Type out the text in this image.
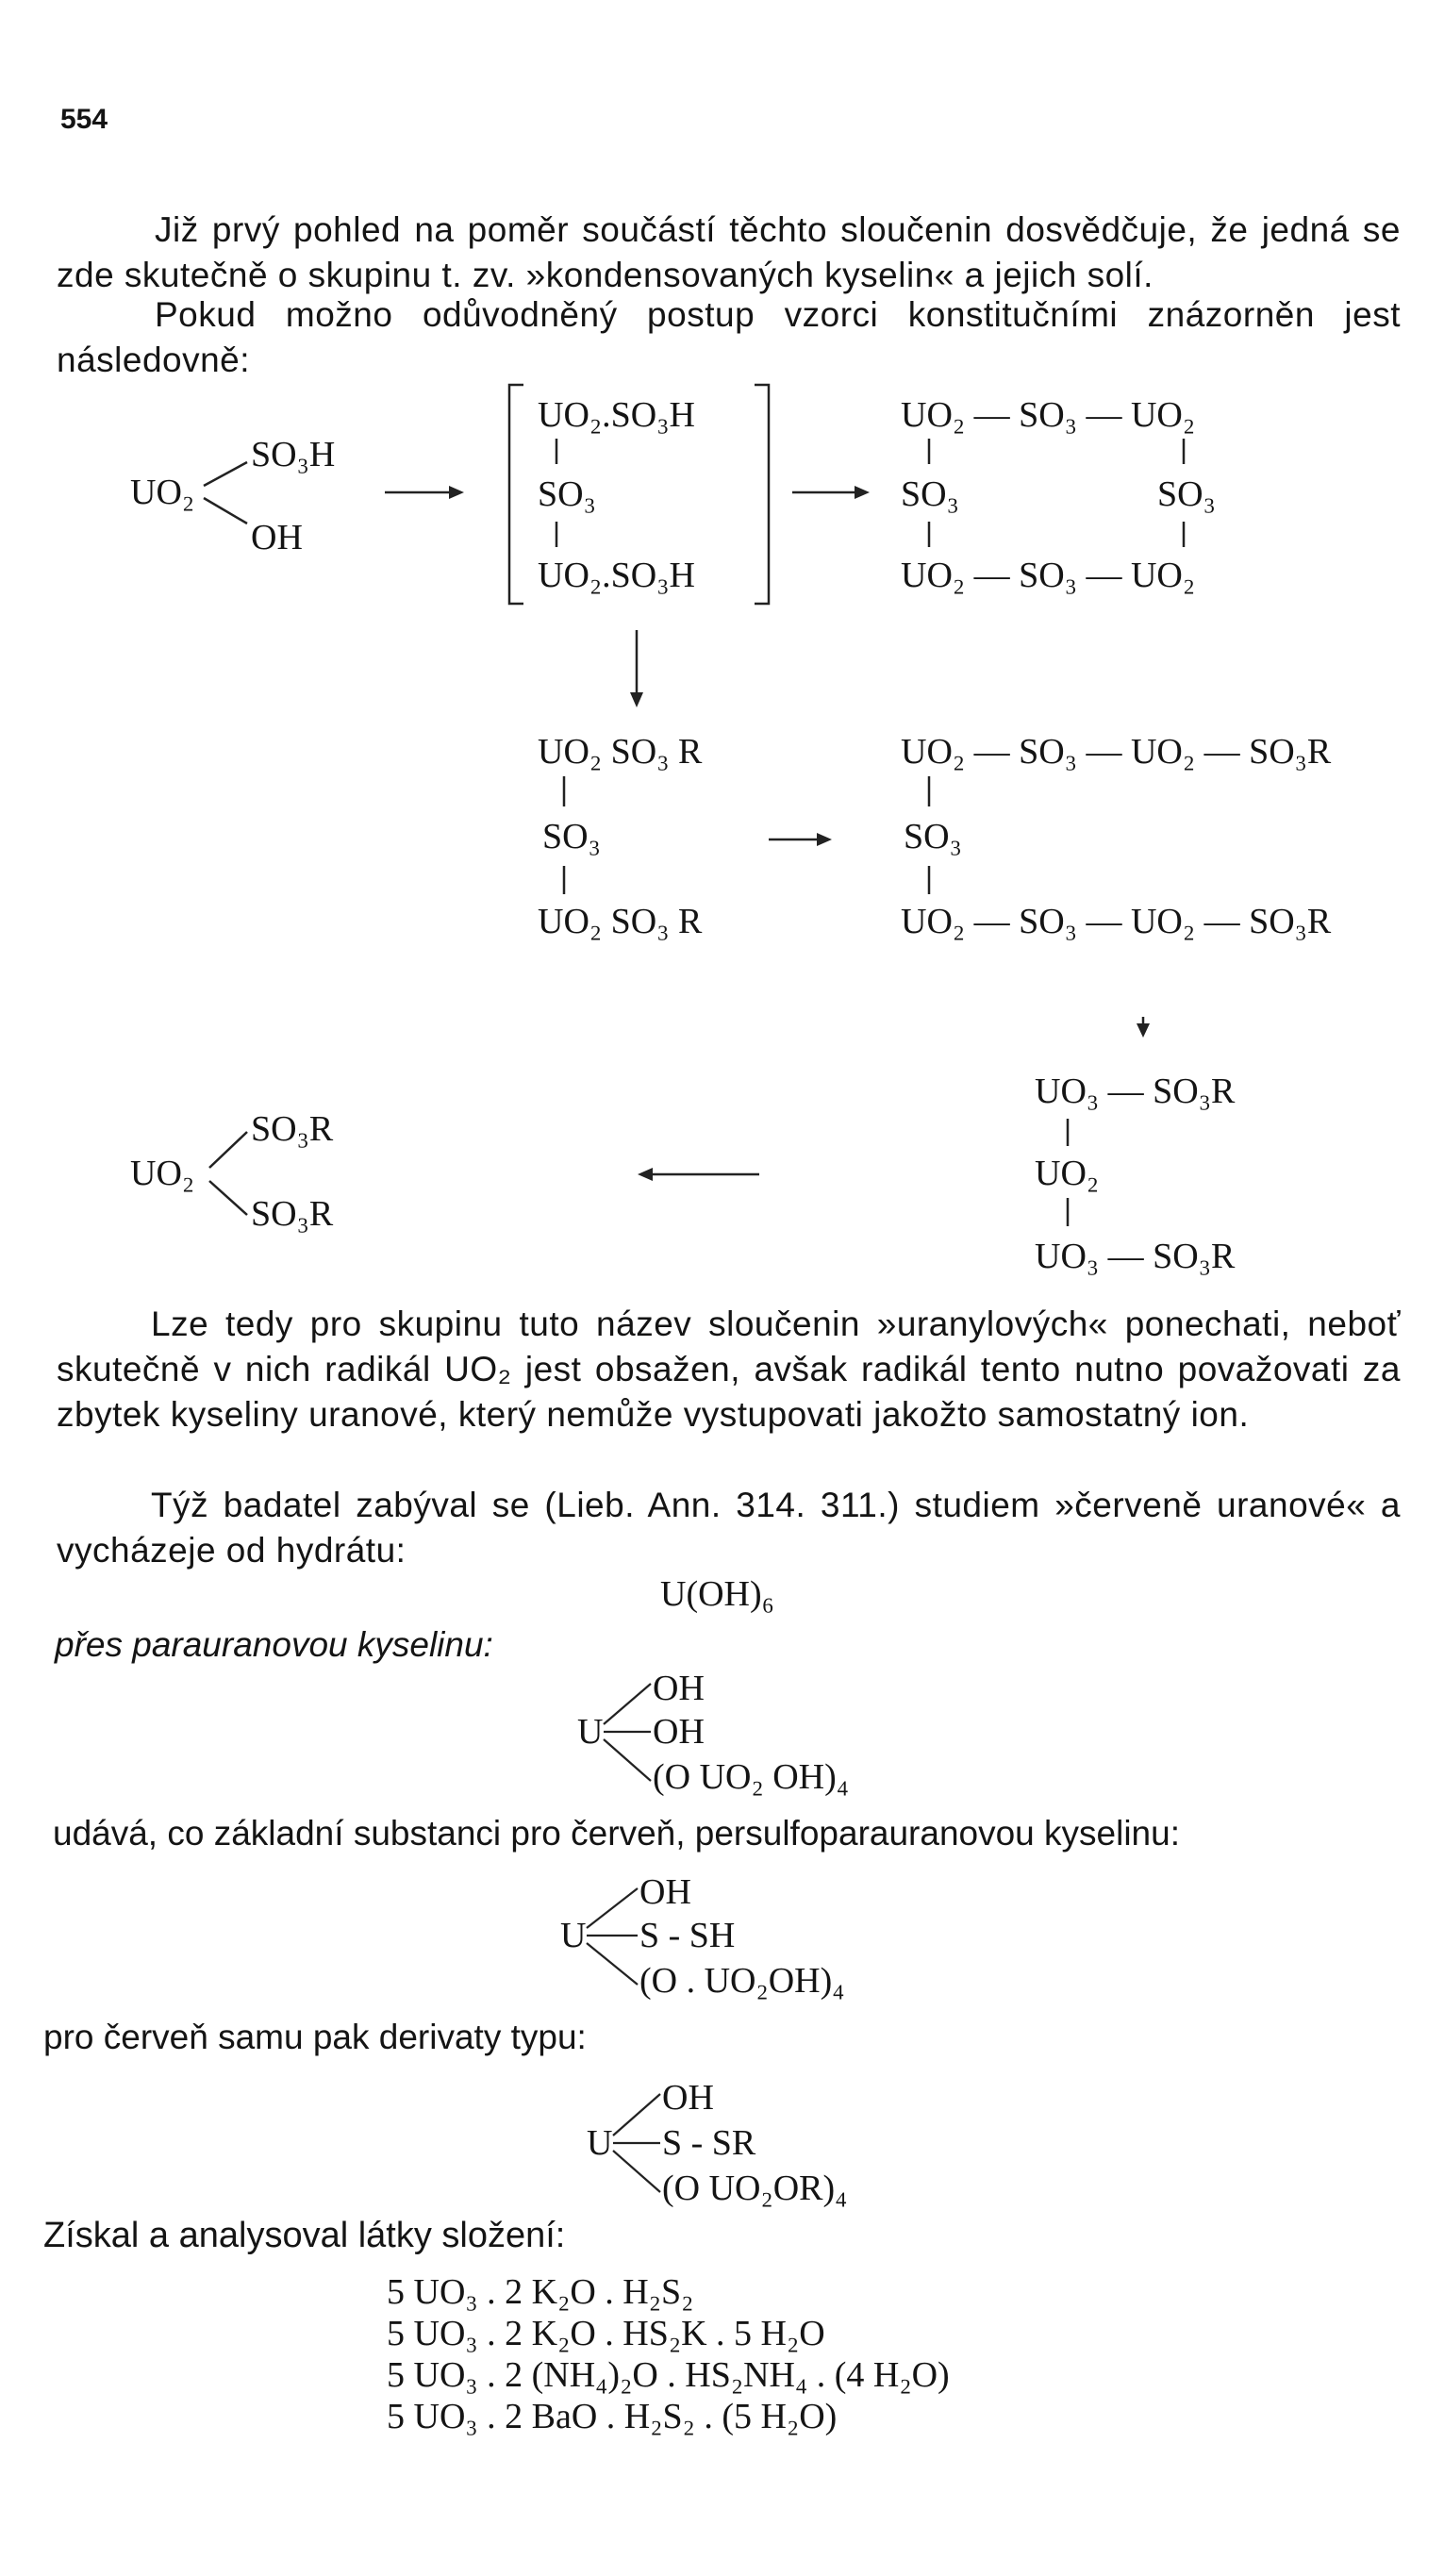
554
Již prvý pohled na poměr součástí těchto sloučenin dosvědčuje, že jedná se zde skutečně o skupinu t. zv. »kondensovaných kyselin« a jejich solí.
Pokud možno odůvodněný postup vzorci konstitučními znázorněn jest následovně:
UO₂
SO₃H
OH
UO₂.SO₃H
SO₃
UO₂.SO₃H
UO₂ — SO₃ — UO₂
SO₃	SO₃
UO₂ — SO₃ — UO₂
UO₂ SO₃ R
SO₃
UO₂ SO₃ R
UO₂ — SO₃ — UO₂ — SO₃R
SO₃
UO₂ — SO₃ — UO₂ — SO₃R
UO₃ — SO₃R
UO₂
UO₃ — SO₃R
UO₂
SO₃R
SO₃R
Lze tedy pro skupinu tuto název sloučenin »uranylových« ponechati, neboť skutečně v nich radikál UO₂ jest obsažen, avšak radikál tento nutno považovati za zbytek kyseliny uranové, který nemůže vystupovati jakožto samostatný ion.
Týž badatel zabýval se (Lieb. Ann. 314. 311.) studiem »červeně uranové« a vycházeje od hydrátu:
U(OH)₆
přes parauranovou kyselinu:
U
OH
OH
(O UO₂ OH)₄
udává, co základní substanci pro červeň, persulfoparauranovou kyselinu:
U
OH
S - SH
(O . UO₂OH)₄
pro červeň samu pak derivaty typu:
U
OH
S - SR
(O UO₂OR)₄
Získal a analysoval látky složení:
5 UO₃ . 2 K₂O . H₂S₂
5 UO₃ . 2 K₂O . HS₂K . 5 H₂O
5 UO₃ . 2 (NH₄)₂O . HS₂NH₄ . (4 H₂O)
5 UO₃ . 2 BaO . H₂S₂ . (5 H₂O)
